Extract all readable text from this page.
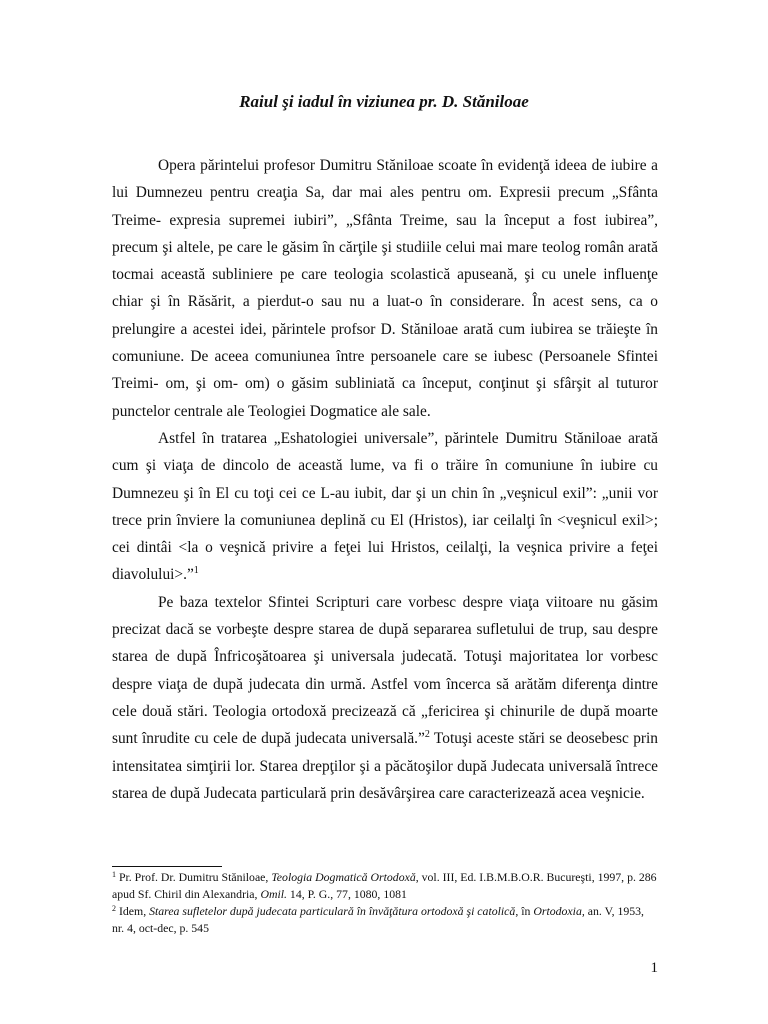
Raiul şi iadul în viziunea pr. D. Stăniloae

Opera părintelui profesor Dumitru Stăniloae scoate în evidenţă ideea de iubire a lui Dumnezeu pentru creaţia Sa, dar mai ales pentru om. Expresii precum „Sfânta Treime- expresia supremei iubiri”, „Sfânta Treime, sau la început a fost iubirea”, precum şi altele, pe care le găsim în cărţile şi studiile celui mai mare teolog român arată tocmai această subliniere pe care teologia scolastică apuseană, şi cu unele influenţe chiar şi în Răsărit, a pierdut-o sau nu a luat-o în considerare. În acest sens, ca o prelungire a acestei idei, părintele profsor D. Stăniloae arată cum iubirea se trăieşte în comuniune. De aceea comuniunea între persoanele care se iubesc (Persoanele Sfintei Treimi- om, şi om- om) o găsim subliniată ca început, conţinut şi sfârşit al tuturor punctelor centrale ale Teologiei Dogmatice ale sale.

Astfel în tratarea „Eshatologiei universale”, părintele Dumitru Stăniloae arată cum şi viaţa de dincolo de această lume, va fi o trăire în comuniune în iubire cu Dumnezeu şi în El cu toţi cei ce L-au iubit, dar şi un chin în „veşnicul exil”: „unii vor trece prin înviere la comuniunea deplină cu El (Hristos), iar ceilalţi în <veşnicul exil>; cei dintâi <la o veşnică privire a feţei lui Hristos, ceilalţi, la veşnica privire a feţei diavolului>.”$^1$

Pe baza textelor Sfintei Scripturi care vorbesc despre viaţa viitoare nu găsim precizat dacă se vorbeşte despre starea de după separarea sufletului de trup, sau despre starea de după Înfricoşătoarea şi universala judecată. Totuşi majoritatea lor vorbesc despre viaţa de după judecata din urmă. Astfel vom încerca să arătăm diferenţa dintre cele două stări. Teologia ortodoxă precizează că „fericirea şi chinurile de după moarte sunt înrudite cu cele de după judecata universală.”$^2$ Totuşi aceste stări se deosebesc prin intensitatea simţirii lor. Starea drepţilor şi a păcătoşilor după Judecata universală întrece starea de după Judecata particulară prin desăvârşirea care caracterizează acea veşnicie.

$^1$ Pr. Prof. Dr. Dumitru Stăniloae, Teologia Dogmatică Ortodoxă, vol. III, Ed. I.B.M.B.O.R. Bucureşti, 1997, p. 286 apud Sf. Chiril din Alexandria, Omil. 14, P. G., 77, 1080, 1081

$^2$ Idem, Starea sufletelor după judecata particulară în învăţătura ortodoxă şi catolică, în Ortodoxia, an. V, 1953, nr. 4, oct-dec, p. 545

1
